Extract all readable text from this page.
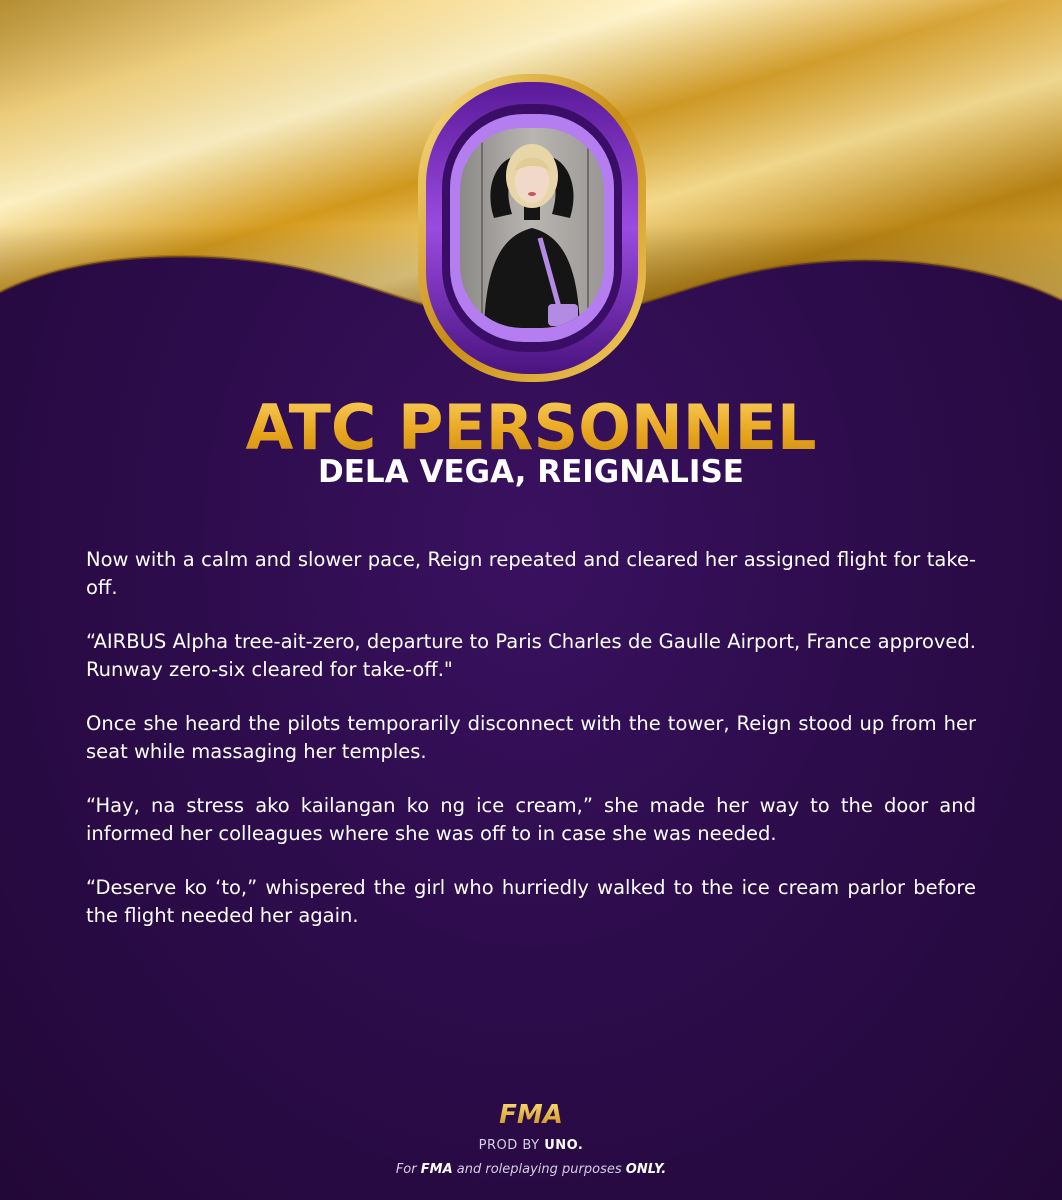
ATC PERSONNEL
DELA VEGA, REIGNALISE

Now with a calm and slower pace, Reign repeated and cleared her assigned flight for take-off.

“AIRBUS Alpha tree-ait-zero, departure to Paris Charles de Gaulle Airport, France approved. Runway zero-six cleared for take-off."

Once she heard the pilots temporarily disconnect with the tower, Reign stood up from her seat while massaging her temples.

“Hay, na stress ako kailangan ko ng ice cream,” she made her way to the door and informed her colleagues where she was off to in case she was needed.

“Deserve ko ‘to,” whispered the girl who hurriedly walked to the ice cream parlor before the flight needed her again.

FMA
PROD BY UNO.
For FMA and roleplaying purposes ONLY.
